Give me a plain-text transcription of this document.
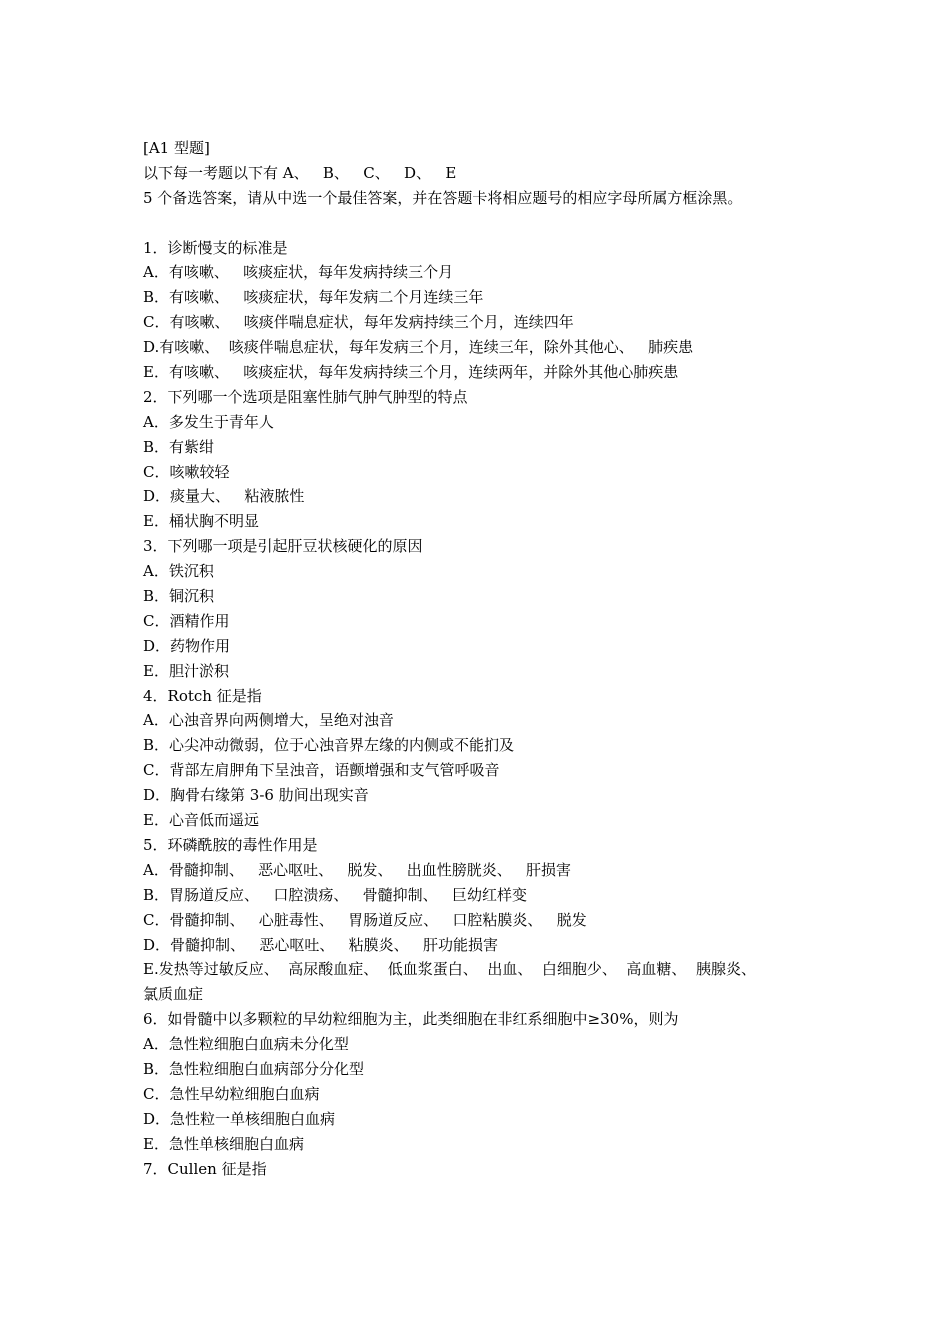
[A1 型题]
以下每一考题以下有 A、   B、   C、   D、   E
5 个备选答案，请从中选一个最佳答案，并在答题卡将相应题号的相应字母所属方框涂黑。
1．诊断慢支的标准是
A．有咳嗽、   咳痰症状，每年发病持续三个月
B．有咳嗽、   咳痰症状，每年发病二个月连续三年
C．有咳嗽、   咳痰伴喘息症状，每年发病持续三个月，连续四年
D.有咳嗽、  咳痰伴喘息症状，每年发病三个月，连续三年，除外其他心、   肺疾患
E．有咳嗽、   咳痰症状，每年发病持续三个月，连续两年，并除外其他心肺疾患
2．下列哪一个选项是阻塞性肺气肿气肿型的特点
A．多发生于青年人
B．有紫绀
C．咳嗽较轻
D．痰量大、   粘液脓性
E．桶状胸不明显
3．下列哪一项是引起肝豆状核硬化的原因
A．铁沉积
B．铜沉积
C．酒精作用
D．药物作用
E．胆汁淤积
4．Rotch 征是指
A．心浊音界向两侧增大，呈绝对浊音
B．心尖冲动微弱，位于心浊音界左缘的内侧或不能扪及
C．背部左肩胛角下呈浊音，语颤增强和支气管呼吸音
D．胸骨右缘第 3-6 肋间出现实音
E．心音低而遥远
5．环磷酰胺的毒性作用是
A．骨髓抑制、   恶心呕吐、   脱发、   出血性膀胱炎、   肝损害
B．胃肠道反应、   口腔溃疡、   骨髓抑制、   巨幼红样变
C．骨髓抑制、   心脏毒性、   胃肠道反应、   口腔粘膜炎、   脱发
D．骨髓抑制、   恶心呕吐、   粘膜炎、   肝功能损害
E.发热等过敏反应、  高尿酸血症、  低血浆蛋白、  出血、  白细胞少、  高血糖、  胰腺炎、
氯质血症
6．如骨髓中以多颗粒的早幼粒细胞为主，此类细胞在非红系细胞中≥30%，则为
A．急性粒细胞白血病未分化型
B．急性粒细胞白血病部分分化型
C．急性早幼粒细胞白血病
D．急性粒一单核细胞白血病
E．急性单核细胞白血病
7．Cullen 征是指
